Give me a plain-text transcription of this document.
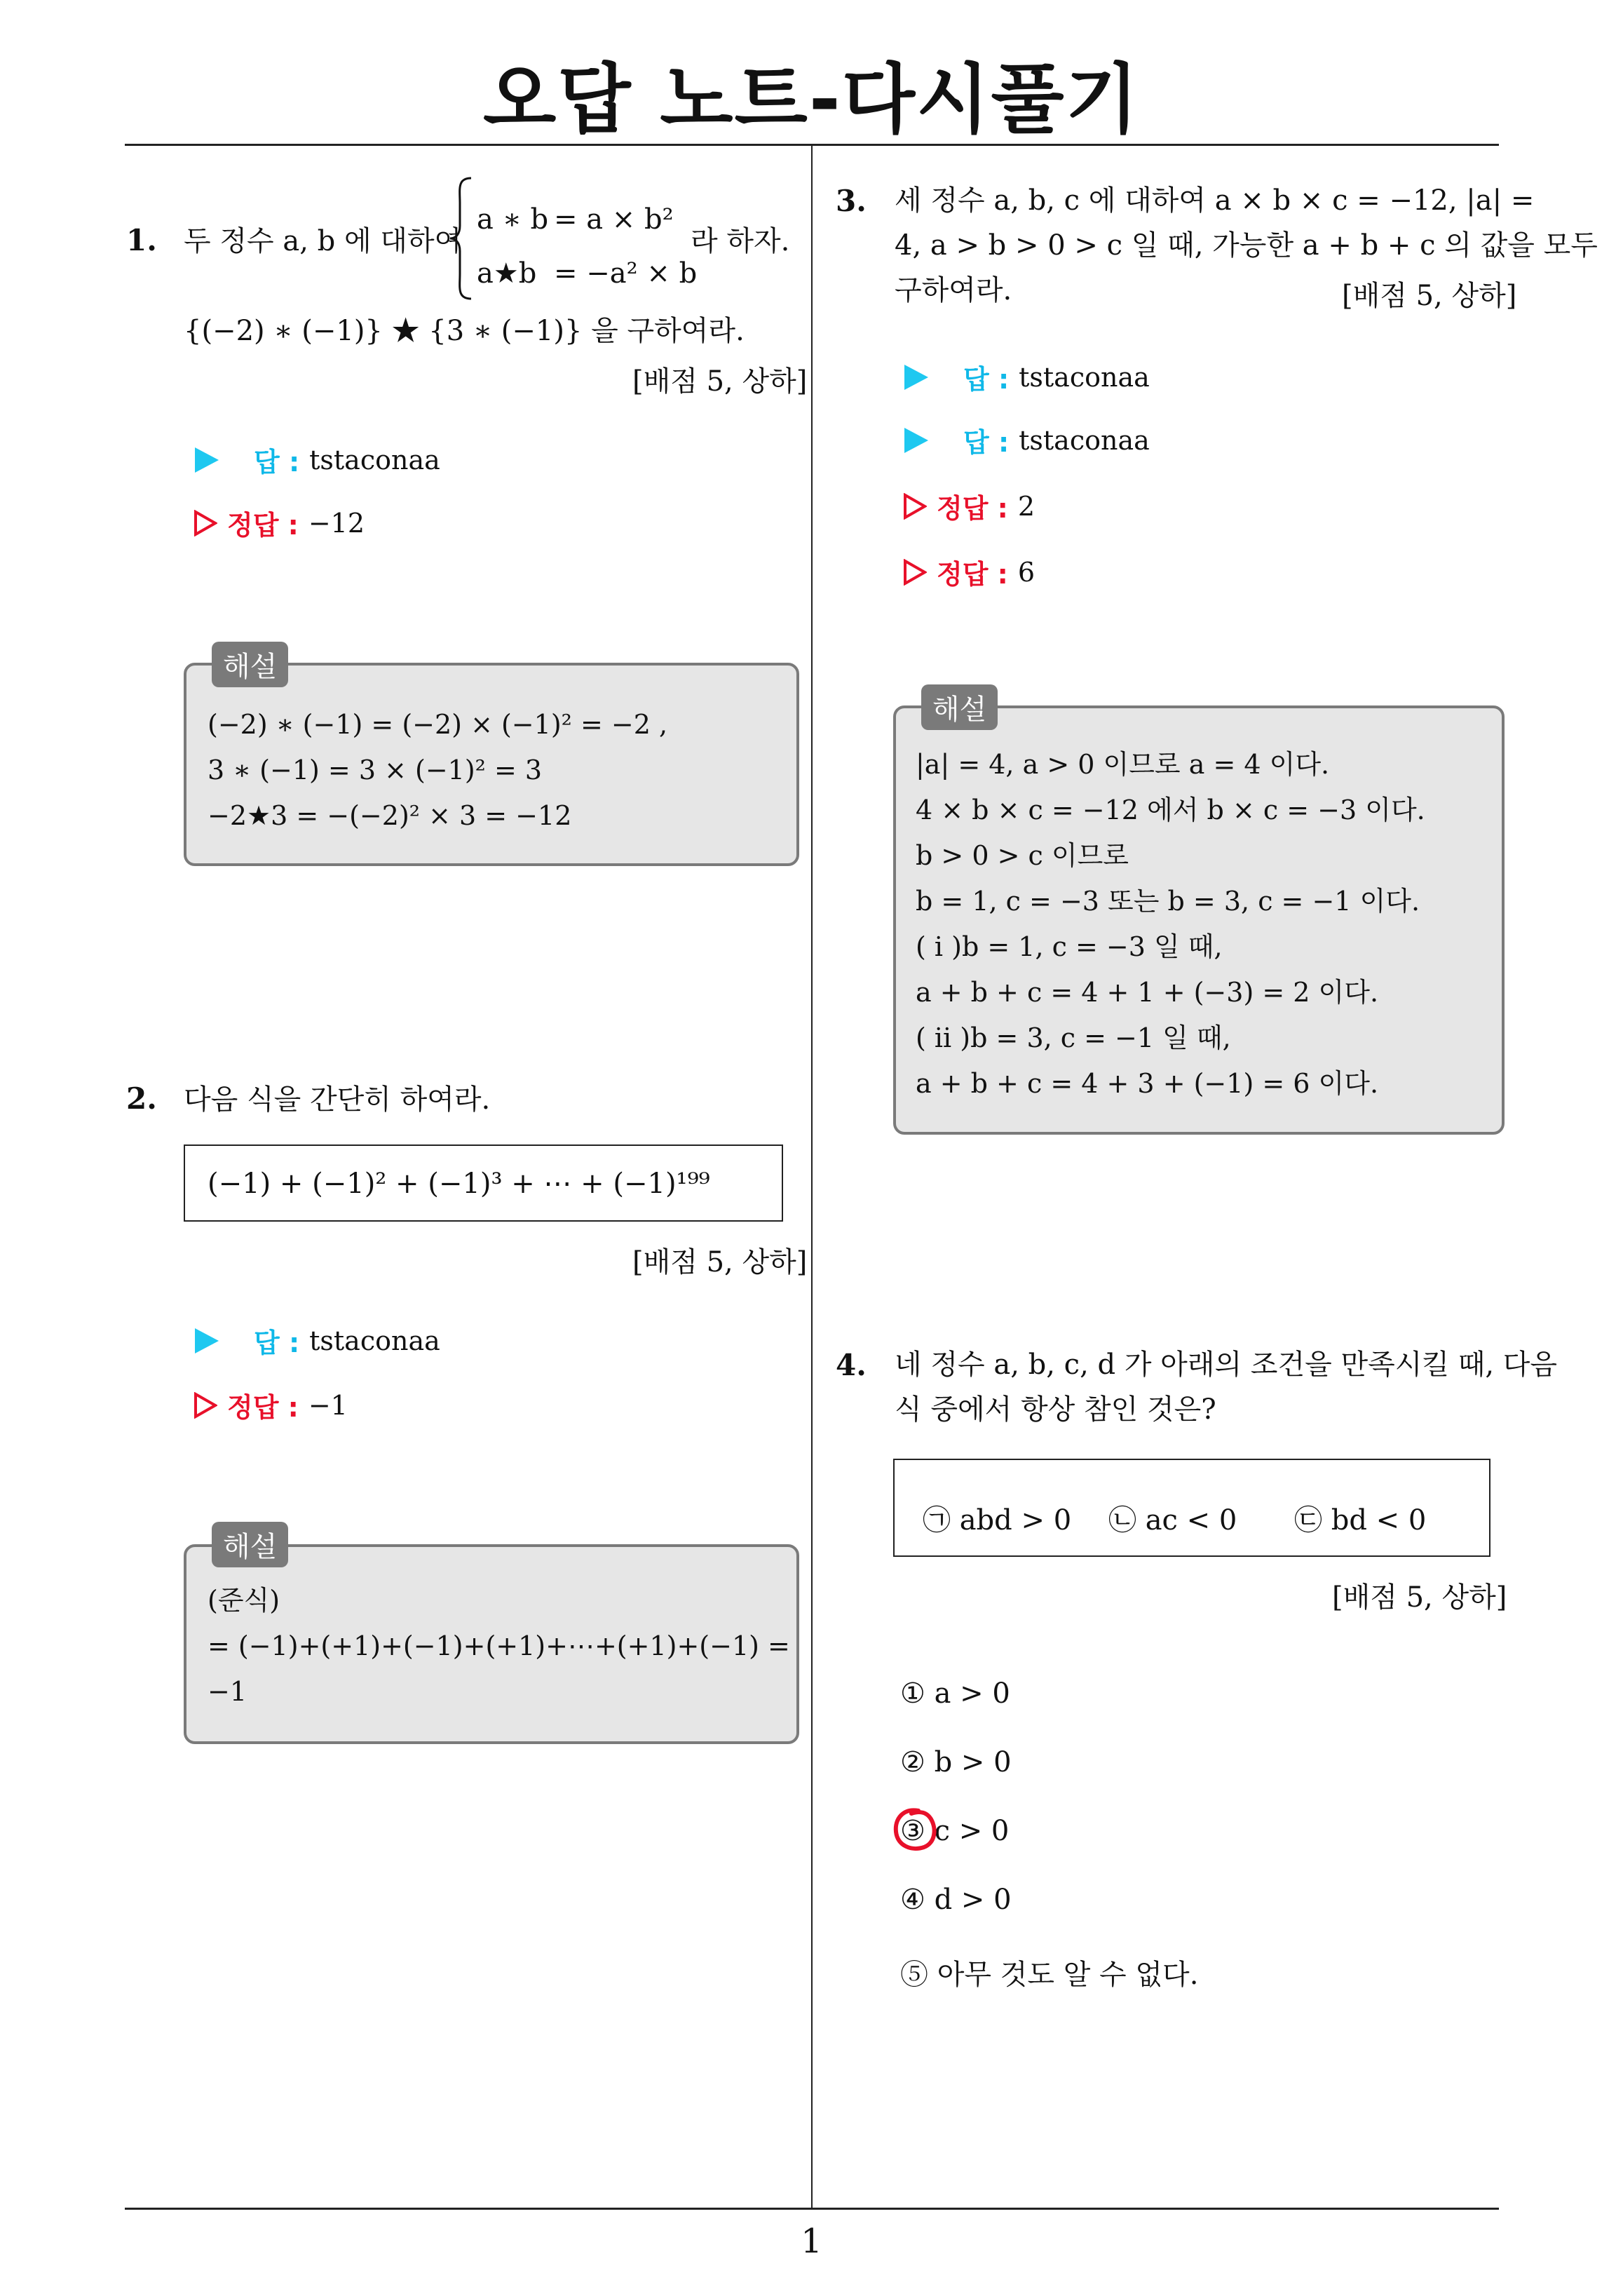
오답 노트-다시풀기
1
1. 두 정수 a, b 에 대하여
a ∗ b = a × b²
a★b = −a² × b
라 하자.
{(−2) ∗ (−1)} ★ {3 ∗ (−1)} 을 구하여라.
[배점 5, 상하]
답 : tstaconaa
정답 : −12
(−2) ∗ (−1) = (−2) × (−1)² = −2 ,
3 ∗ (−1) = 3 × (−1)² = 3
−2★3 = −(−2)² × 3 = −12
해설
2. 다음 식을 간단히 하여라.
(−1) + (−1)² + (−1)³ + ⋯ + (−1)¹⁹⁹
[배점 5, 상하]
답 : tstaconaa
정답 : −1
(준식)
= (−1)+(+1)+(−1)+(+1)+⋯+(+1)+(−1) =
−1
해설
3. 세 정수 a, b, c 에 대하여 a × b × c = −12, |a| =
4, a > b > 0 > c 일 때, 가능한 a + b + c 의 값을 모두
구하여라.	[배점 5, 상하]
답 : tstaconaa
답 : tstaconaa
정답 : 2
정답 : 6
|a| = 4, a > 0 이므로 a = 4 이다.
4 × b × c = −12 에서 b × c = −3 이다.
b > 0 > c 이므로
b = 1, c = −3 또는 b = 3, c = −1 이다.
( i )b = 1, c = −3 일 때,
a + b + c = 4 + 1 + (−3) = 2 이다.
( ii )b = 3, c = −1 일 때,
a + b + c = 4 + 3 + (−1) = 6 이다.
해설
4. 네 정수 a, b, c, d 가 아래의 조건을 만족시킬 때, 다음
식 중에서 항상 참인 것은?
㉠ abd > 0 ㉡ ac < 0 ㉢ bd < 0
[배점 5, 상하]
① a > 0
② b > 0
③ c > 0
④ d > 0
⑤ 아무 것도 알 수 없다.
